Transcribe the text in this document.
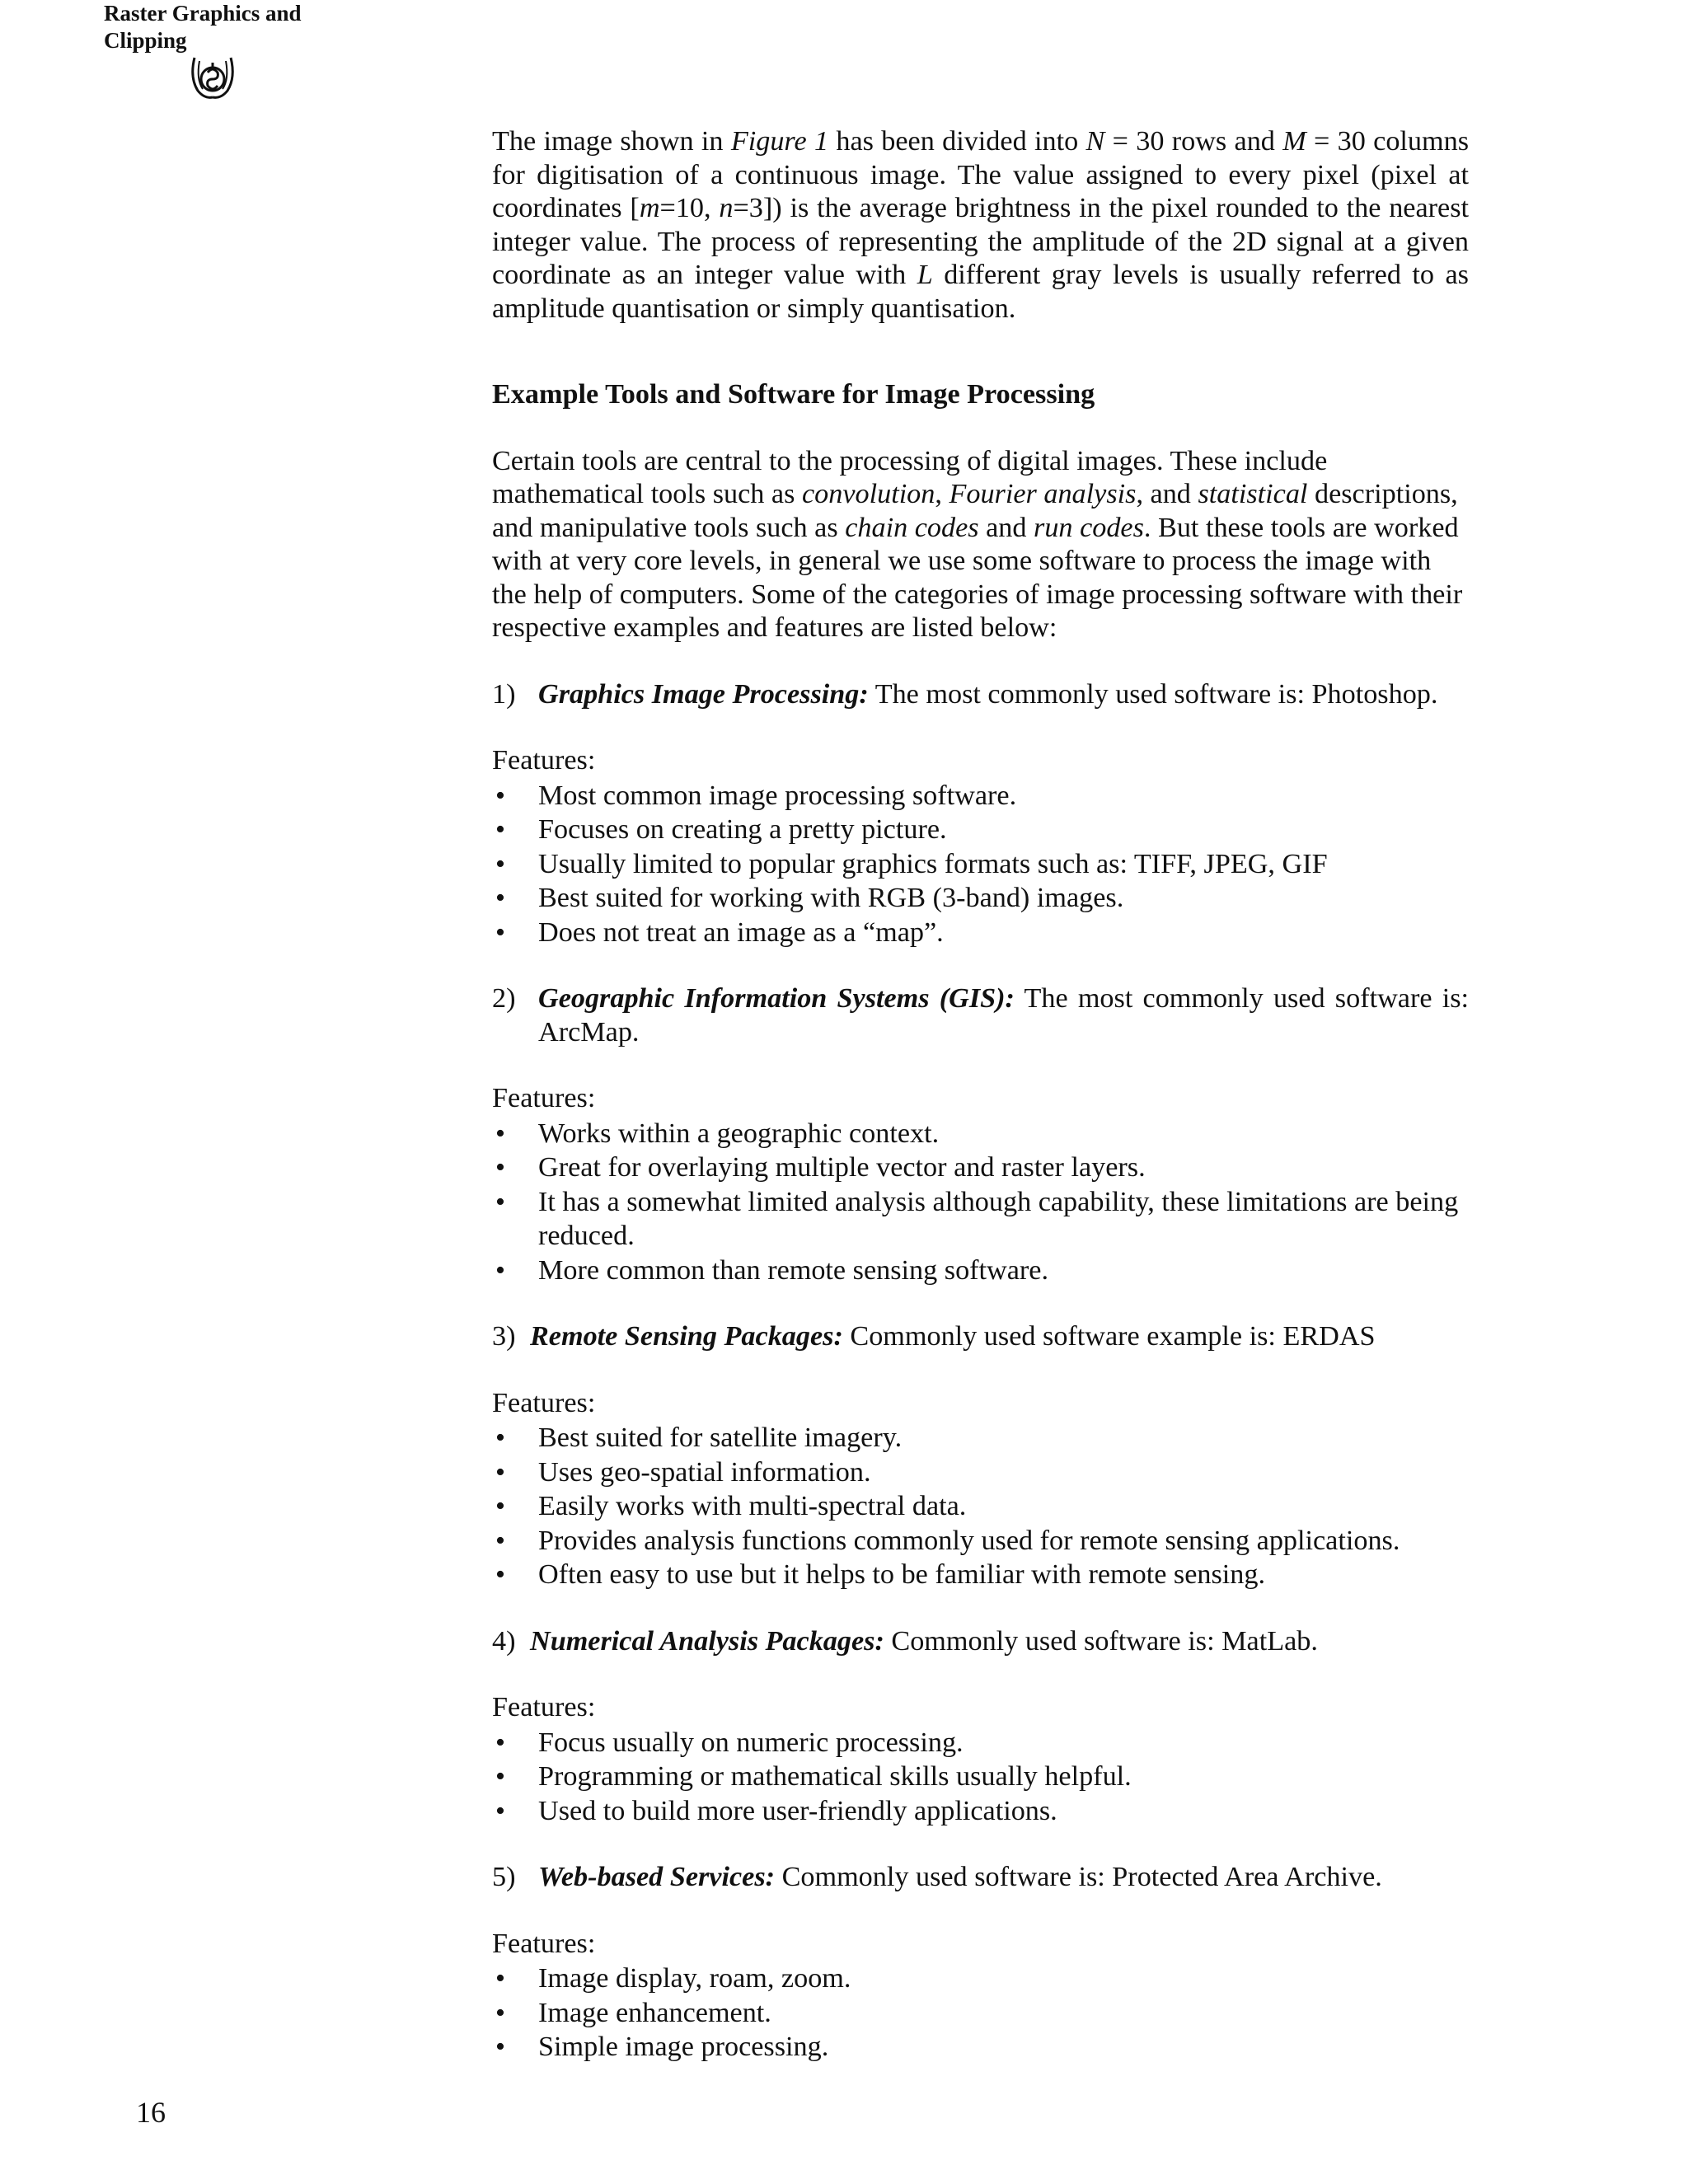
Raster Graphics and
Clipping

The image shown in Figure 1 has been divided into N = 30 rows and M = 30 columns for digitisation of a continuous image. The value assigned to every pixel (pixel at coordinates [m=10, n=3]) is the average brightness in the pixel rounded to the nearest integer value. The process of representing the amplitude of the 2D signal at a given coordinate as an integer value with L different gray levels is usually referred to as amplitude quantisation or simply quantisation.

Example Tools and Software for Image Processing

Certain tools are central to the processing of digital images. These include mathematical tools such as convolution, Fourier analysis, and statistical descriptions, and manipulative tools such as chain codes and run codes. But these tools are worked with at very core levels, in general we use some software to process the image with the help of computers. Some of the categories of image processing software with their respective examples and features are listed below:

1) Graphics Image Processing: The most commonly used software is: Photoshop.
Features:
• Most common image processing software.
• Focuses on creating a pretty picture.
• Usually limited to popular graphics formats such as: TIFF, JPEG, GIF
• Best suited for working with RGB (3-band) images.
• Does not treat an image as a “map”.
2) Geographic Information Systems (GIS): The most commonly used software is: ArcMap.
Features:
• Works within a geographic context.
• Great for overlaying multiple vector and raster layers.
• It has a somewhat limited analysis although capability, these limitations are being reduced.
• More common than remote sensing software.
3) Remote Sensing Packages: Commonly used software example is: ERDAS
Features:
• Best suited for satellite imagery.
• Uses geo-spatial information.
• Easily works with multi-spectral data.
• Provides analysis functions commonly used for remote sensing applications.
• Often easy to use but it helps to be familiar with remote sensing.
4) Numerical Analysis Packages: Commonly used software is: MatLab.
Features:
• Focus usually on numeric processing.
• Programming or mathematical skills usually helpful.
• Used to build more user-friendly applications.
5) Web-based Services: Commonly used software is: Protected Area Archive.
Features:
• Image display, roam, zoom.
• Image enhancement.
• Simple image processing.
16
